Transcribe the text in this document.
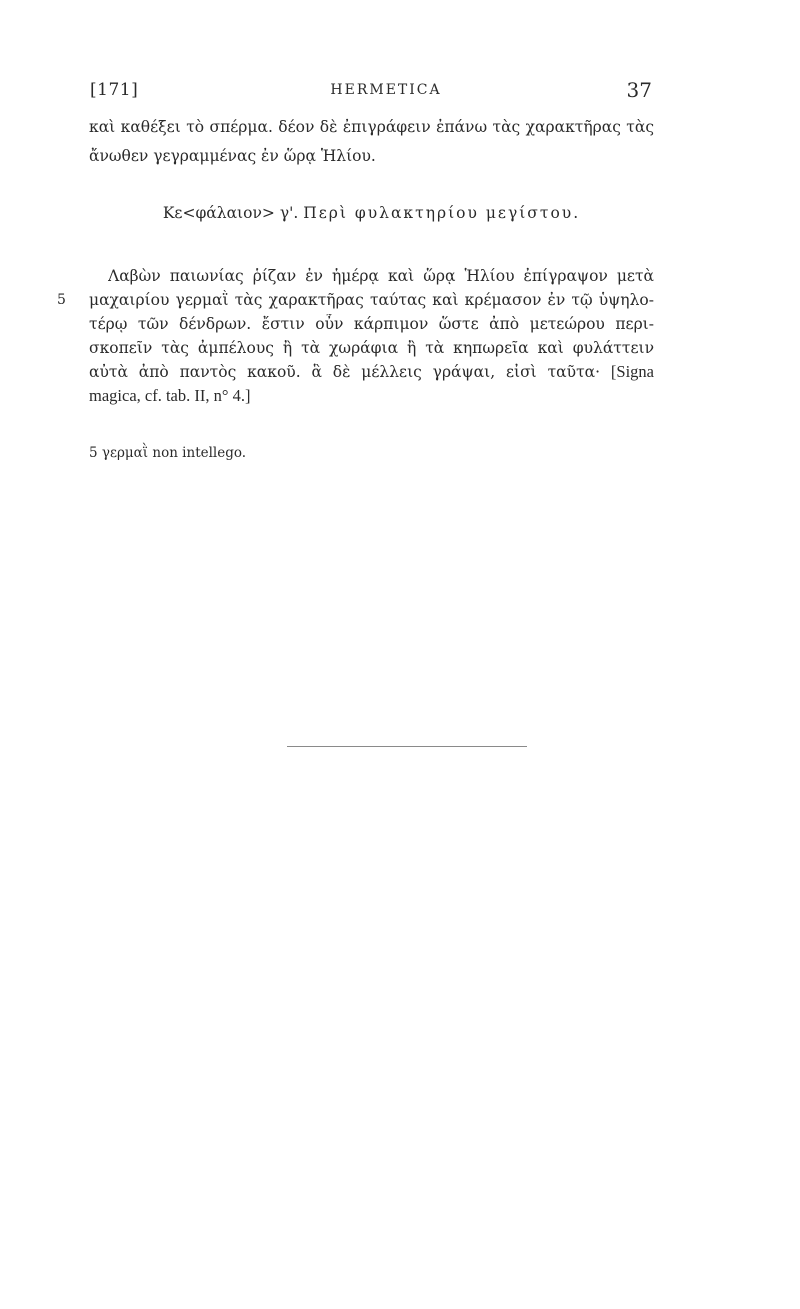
[171]	HERMETICA	37
καὶ καθέξει τὸ σπέρμα. δέον δὲ ἐπιγράφειν ἐπάνω τὰς χαρακτῆρας τὰς
ἄνωθεν γεγραμμένας ἐν ὥρᾳ Ἡλίου.
Κε<φάλαιον> γ'. Περὶ φυλακτηρίου μεγίστου.
Λαβὼν παιωνίας ῥίζαν ἐν ἡμέρᾳ καὶ ὥρᾳ Ἡλίου ἐπίγραψον μετὰ
5 μαχαιρίου γερμαῒ τὰς χαρακτῆρας ταύτας καὶ κρέμασον ἐν τῷ ὑψηλο-
τέρῳ τῶν δένδρων. ἔστιν οὖν κάρπιμον ὥστε ἀπὸ μετεώρου περι-
σκοπεῖν τὰς ἀμπέλους ἢ τὰ χωράφια ἢ τὰ κηπωρεῖα καὶ φυλάττειν
αὐτὰ ἀπὸ παντὸς κακοῦ. ἃ δὲ μέλλεις γράψαι, εἰσὶ ταῦτα· [Signa
magica, cf. tab. II, n° 4.]
5 γερμαῒ non intellego.
